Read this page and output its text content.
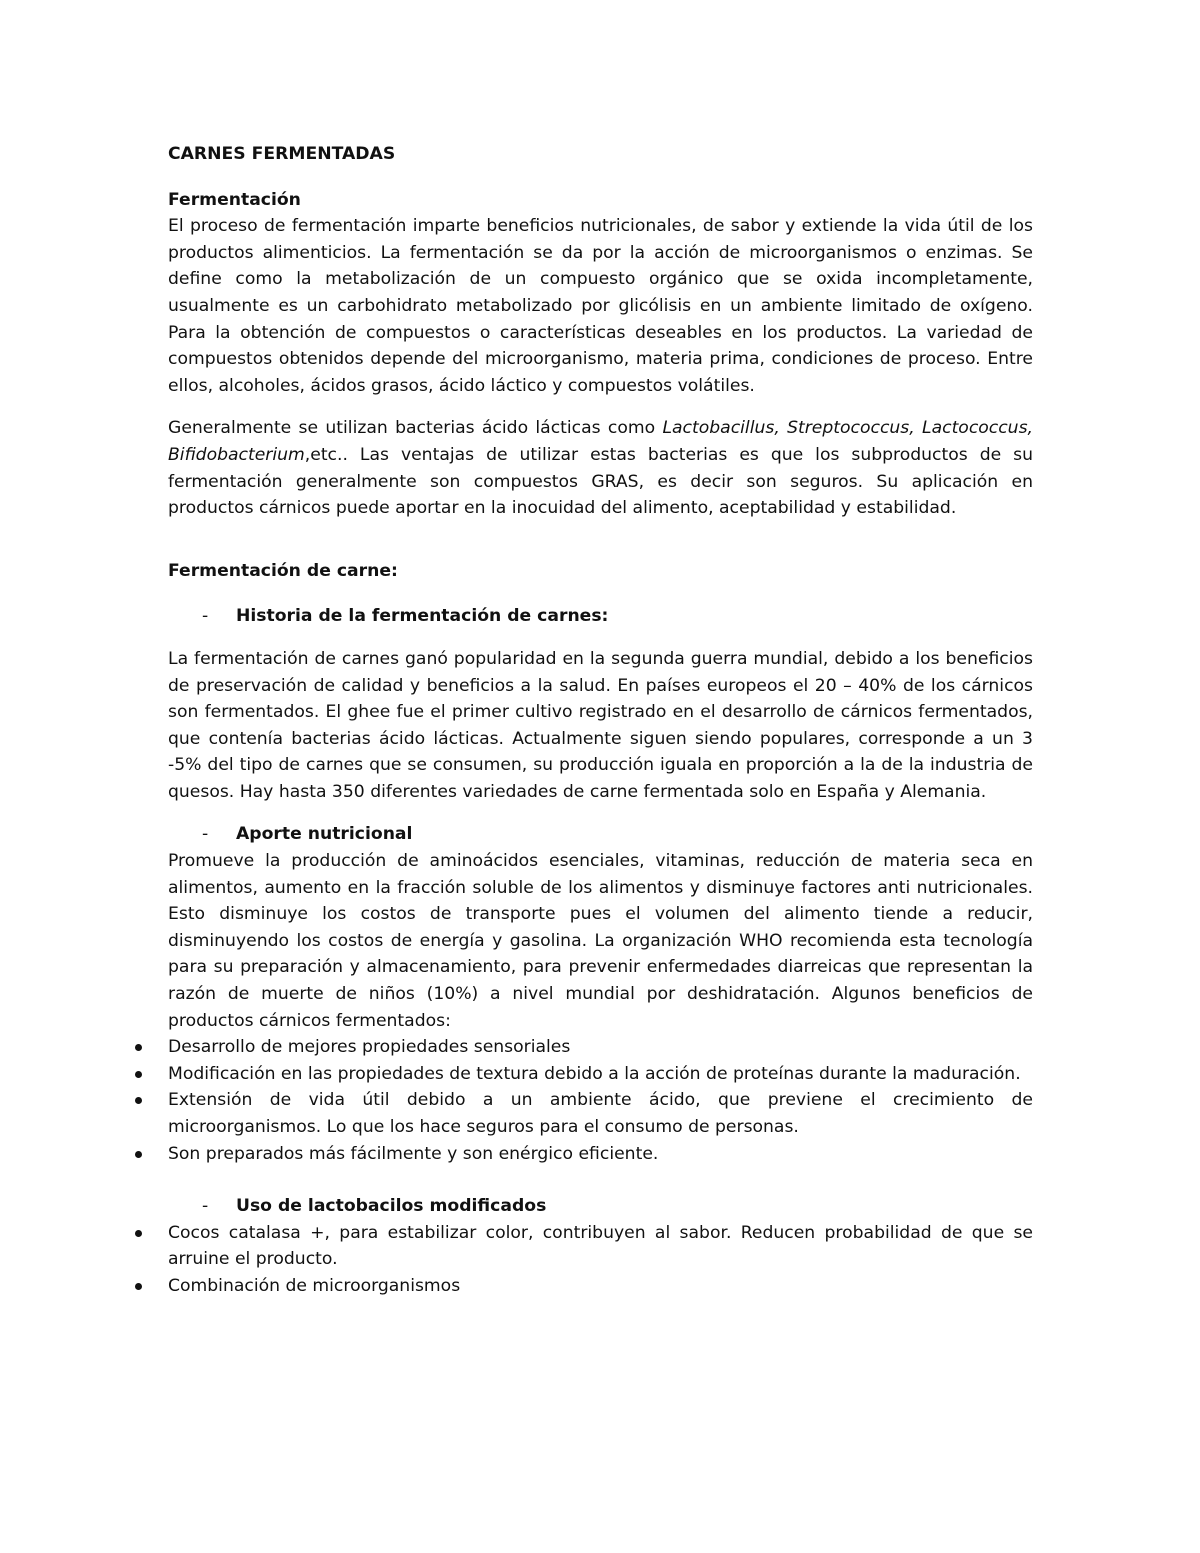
CARNES FERMENTADAS
Fermentación

El proceso de fermentación imparte beneficios nutricionales, de sabor y extiende la vida útil de los productos alimenticios. La fermentación se da por la acción de microorganismos o enzimas. Se define como la metabolización de un compuesto orgánico que se oxida incompletamente, usualmente es un carbohidrato metabolizado por glicólisis en un ambiente limitado de oxígeno. Para la obtención de compuestos o características deseables en los productos. La variedad de compuestos obtenidos depende del microorganismo, materia prima, condiciones de proceso. Entre ellos, alcoholes, ácidos grasos, ácido láctico y compuestos volátiles.

Generalmente se utilizan bacterias ácido lácticas como Lactobacillus, Streptococcus, Lactococcus, Bifidobacterium,etc.. Las ventajas de utilizar estas bacterias es que los subproductos de su fermentación generalmente son compuestos GRAS, es decir son seguros. Su aplicación en productos cárnicos puede aportar en la inocuidad del alimento, aceptabilidad y estabilidad.

Fermentación de carne:
- Historia de la fermentación de carnes:

La fermentación de carnes ganó popularidad en la segunda guerra mundial, debido a los beneficios de preservación de calidad y beneficios a la salud. En países europeos el 20 – 40% de los cárnicos son fermentados. El ghee fue el primer cultivo registrado en el desarrollo de cárnicos fermentados, que contenía bacterias ácido lácticas. Actualmente siguen siendo populares, corresponde a un 3 -5% del tipo de carnes que se consumen, su producción iguala en proporción a la de la industria de quesos. Hay hasta 350 diferentes variedades de carne fermentada solo en España y Alemania.

- Aporte nutricional

Promueve la producción de aminoácidos esenciales, vitaminas, reducción de materia seca en alimentos, aumento en la fracción soluble de los alimentos y disminuye factores anti nutricionales. Esto disminuye los costos de transporte pues el volumen del alimento tiende a reducir, disminuyendo los costos de energía y gasolina. La organización WHO recomienda esta tecnología para su preparación y almacenamiento, para prevenir enfermedades diarreicas que representan la razón de muerte de niños (10%) a nivel mundial por deshidratación. Algunos beneficios de productos cárnicos fermentados:

Desarrollo de mejores propiedades sensoriales
Modificación en las propiedades de textura debido a la acción de proteínas durante la maduración.
Extensión de vida útil debido a un ambiente ácido, que previene el crecimiento de microorganismos. Lo que los hace seguros para el consumo de personas.
Son preparados más fácilmente y son enérgico eficiente.
- Uso de lactobacilos modificados
Cocos catalasa +, para estabilizar color, contribuyen al sabor. Reducen probabilidad de que se arruine el producto.
Combinación de microorganismos
